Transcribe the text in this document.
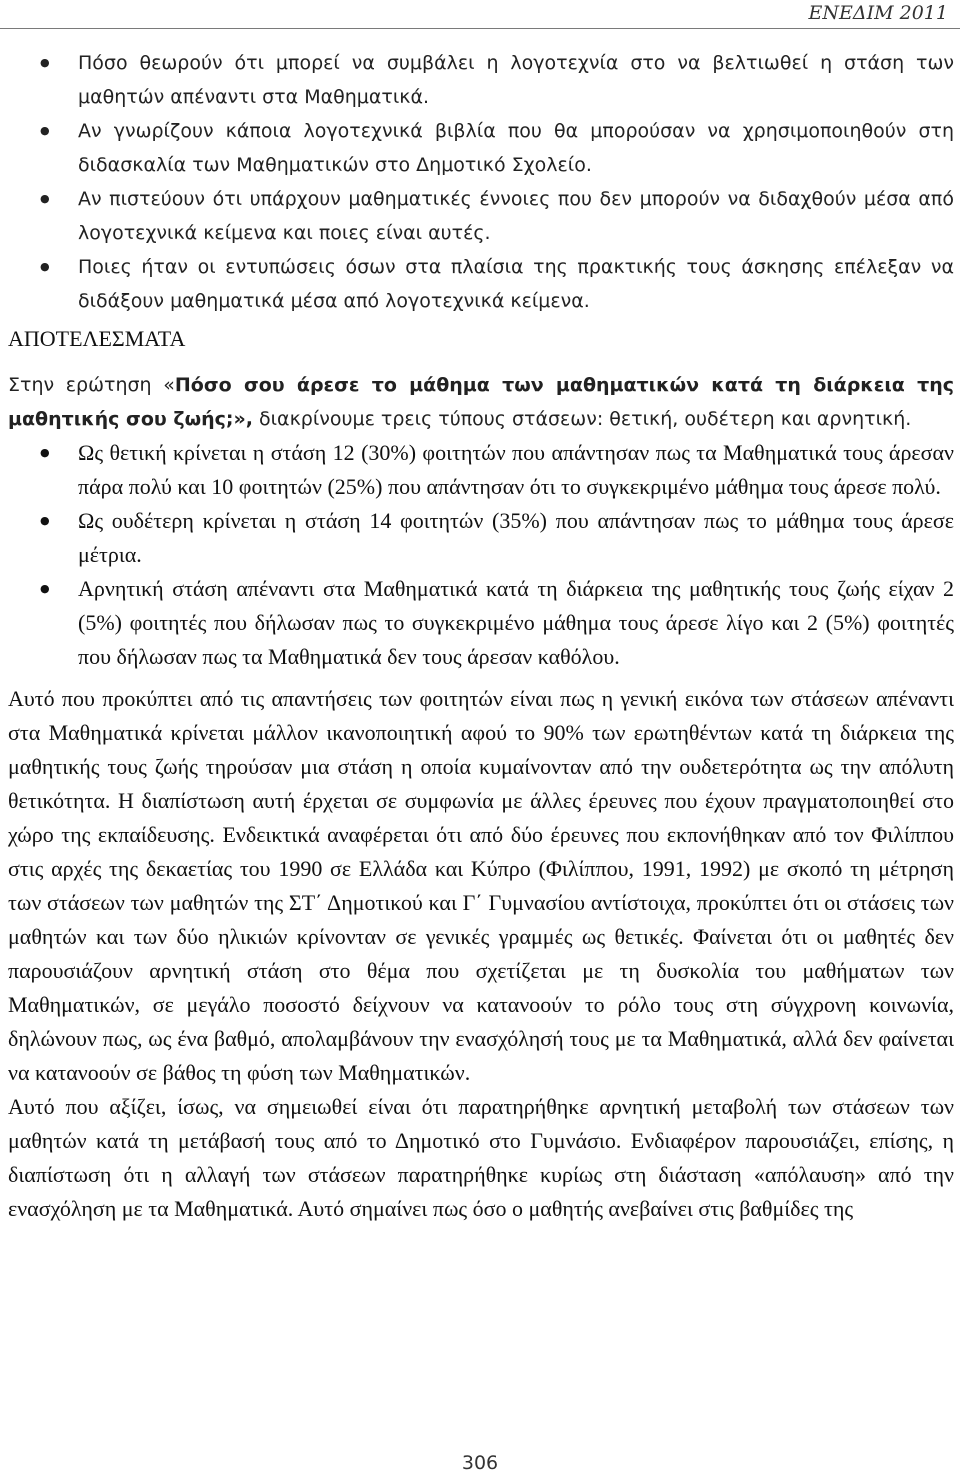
ΕΝΕΔΙΜ 2011
● Πόσο θεωρούν ότι μπορεί να συμβάλει η λογοτεχνία στο να βελτιωθεί η στάση των μαθητών απέναντι στα Μαθηματικά.
● Αν γνωρίζουν κάποια λογοτεχνικά βιβλία που θα μπορούσαν να χρησιμοποιηθούν στη διδασκαλία των Μαθηματικών στο Δημοτικό Σχολείο.
● Αν πιστεύουν ότι υπάρχουν μαθηματικές έννοιες που δεν μπορούν να διδαχθούν μέσα από λογοτεχνικά κείμενα και ποιες είναι αυτές.
● Ποιες ήταν οι εντυπώσεις όσων στα πλαίσια της πρακτικής τους άσκησης επέλεξαν να διδάξουν μαθηματικά μέσα από λογοτεχνικά κείμενα.
ΑΠΟΤΕΛΕΣΜΑΤΑ

Στην ερώτηση «Πόσο σου άρεσε το μάθημα των μαθηματικών κατά τη διάρκεια της μαθητικής σου ζωής;», διακρίνουμε τρεις τύπους στάσεων: θετική, ουδέτερη και αρνητική.

● Ως θετική κρίνεται η στάση 12 (30%) φοιτητών που απάντησαν πως τα Μαθηματικά τους άρεσαν πάρα πολύ και 10 φοιτητών (25%) που απάντησαν ότι το συγκεκριμένο μάθημα τους άρεσε πολύ.
● Ως ουδέτερη κρίνεται η στάση 14 φοιτητών (35%) που απάντησαν πως το μάθημα τους άρεσε μέτρια.
● Αρνητική στάση απέναντι στα Μαθηματικά κατά τη διάρκεια της μαθητικής τους ζωής είχαν 2 (5%) φοιτητές που δήλωσαν πως το συγκεκριμένο μάθημα τους άρεσε λίγο και 2 (5%) φοιτητές που δήλωσαν πως τα Μαθηματικά δεν τους άρεσαν καθόλου.

Αυτό που προκύπτει από τις απαντήσεις των φοιτητών είναι πως η γενική εικόνα των στάσεων απέναντι στα Μαθηματικά κρίνεται μάλλον ικανοποιητική αφού το 90% των ερωτηθέντων κατά τη διάρκεια της μαθητικής τους ζωής τηρούσαν μια στάση η οποία κυμαίνονταν από την ουδετερότητα ως την απόλυτη θετικότητα. Η διαπίστωση αυτή έρχεται σε συμφωνία με άλλες έρευνες που έχουν πραγματοποιηθεί στο χώρο της εκπαίδευσης. Ενδεικτικά αναφέρεται ότι από δύο έρευνες που εκπονήθηκαν από τον Φιλίππου στις αρχές της δεκαετίας του 1990 σε Ελλάδα και Κύπρο (Φιλίππου, 1991, 1992) με σκοπό τη μέτρηση των στάσεων των μαθητών της ΣΤ΄ Δημοτικού και Γ΄ Γυμνασίου αντίστοιχα, προκύπτει ότι οι στάσεις των μαθητών και των δύο ηλικιών κρίνονταν σε γενικές γραμμές ως θετικές. Φαίνεται ότι οι μαθητές δεν παρουσιάζουν αρνητική στάση στο θέμα που σχετίζεται με τη δυσκολία του μαθήματων των Μαθηματικών, σε μεγάλο ποσοστό δείχνουν να κατανοούν το ρόλο τους στη σύγχρονη κοινωνία, δηλώνουν πως, ως ένα βαθμό, απολαμβάνουν την ενασχόλησή τους με τα Μαθηματικά, αλλά δεν φαίνεται να κατανοούν σε βάθος τη φύση των Μαθηματικών.

Αυτό που αξίζει, ίσως, να σημειωθεί είναι ότι παρατηρήθηκε αρνητική μεταβολή των στάσεων των μαθητών κατά τη μετάβασή τους από το Δημοτικό στο Γυμνάσιο. Ενδιαφέρον παρουσιάζει, επίσης, η διαπίστωση ότι η αλλαγή των στάσεων παρατηρήθηκε κυρίως στη διάσταση «απόλαυση» από την ενασχόληση με τα Μαθηματικά. Αυτό σημαίνει πως όσο ο μαθητής ανεβαίνει στις βαθμίδες της

306
